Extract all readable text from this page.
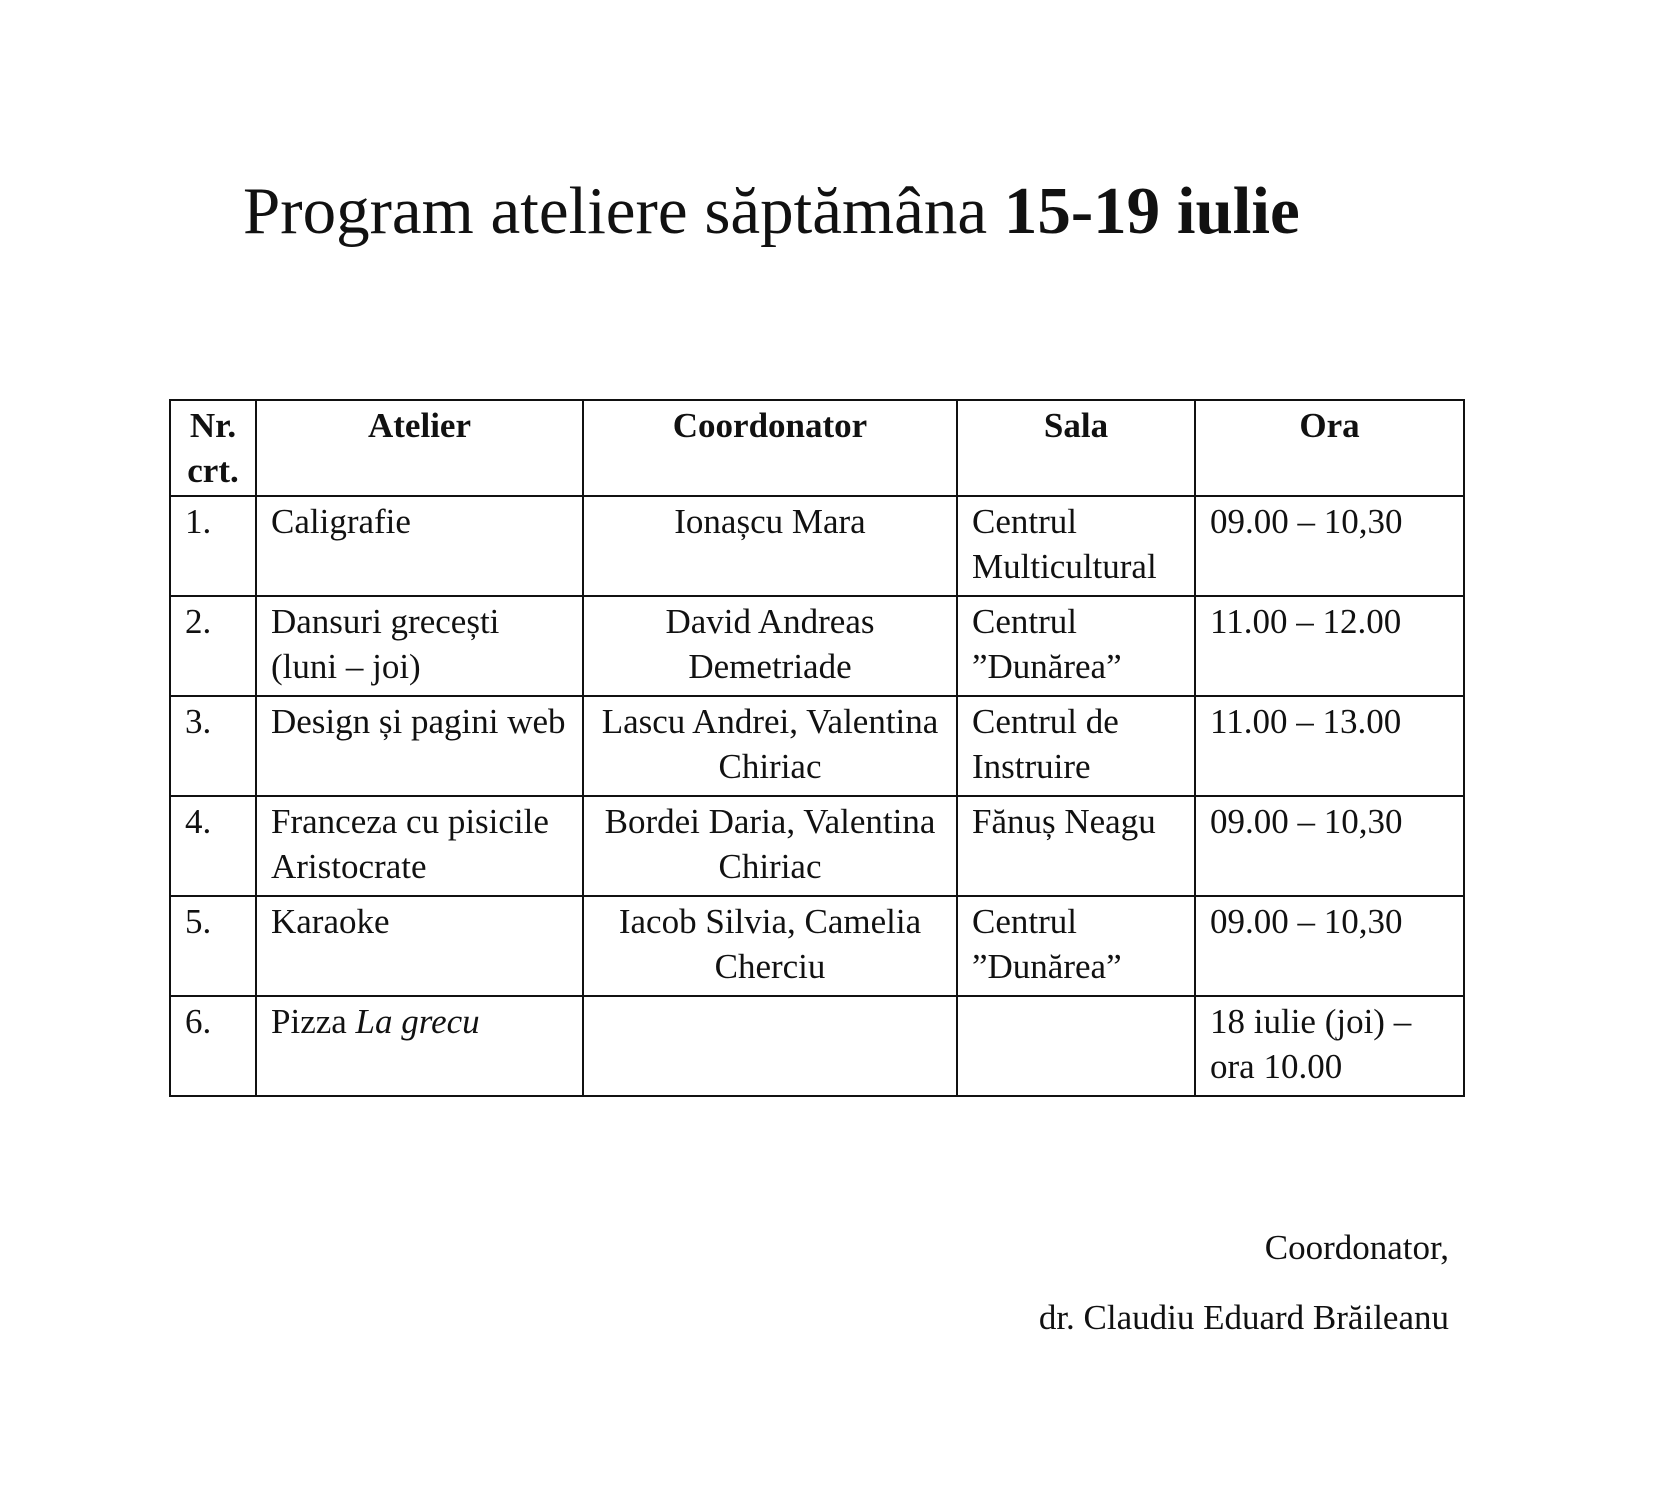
Program ateliere săptămâna 15-19 iulie
Nr. crt.	Atelier	Coordonator	Sala	Ora
1.	Caligrafie	Ionașcu Mara	Centrul Multicultural	09.00 – 10,30
2.	Dansuri grecești (luni – joi)	David Andreas Demetriade	Centrul ”Dunărea”	11.00 – 12.00
3.	Design și pagini web	Lascu Andrei, Valentina Chiriac	Centrul de Instruire	11.00 – 13.00
4.	Franceza cu pisicile Aristocrate	Bordei Daria, Valentina Chiriac	Fănuș Neagu	09.00 – 10,30
5.	Karaoke	Iacob Silvia, Camelia Cherciu	Centrul ”Dunărea”	09.00 – 10,30
6.	Pizza La grecu			18 iulie (joi) – ora 10.00
Coordonator,
dr. Claudiu Eduard Brăileanu
